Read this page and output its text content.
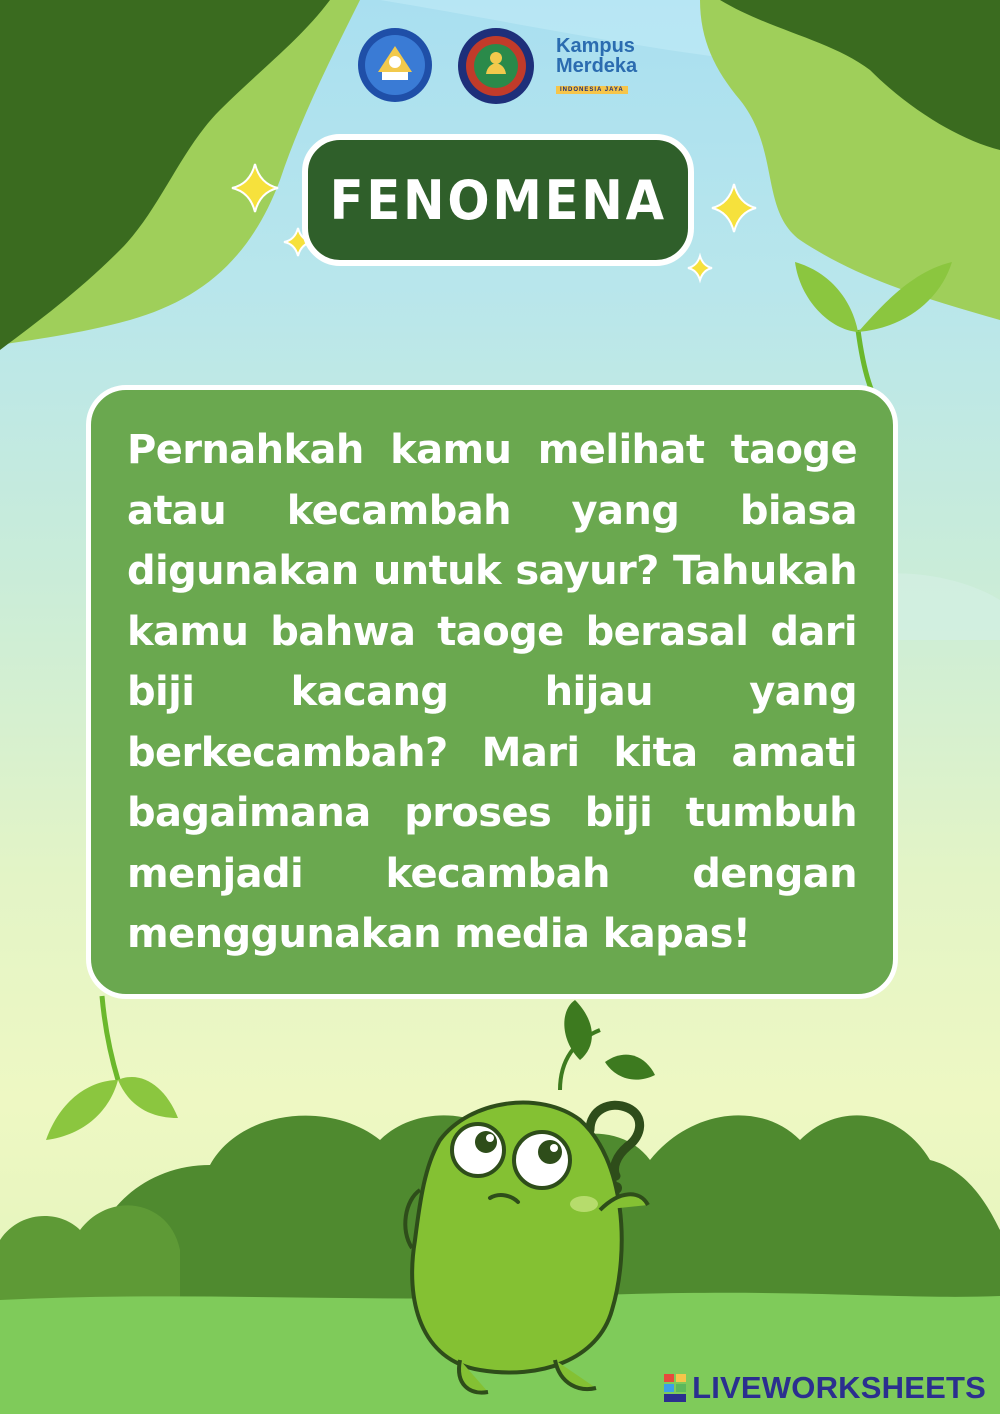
Kampus
Merdeka
INDONESIA JAYA
FENOMENA

Pernahkah kamu melihat taoge atau kecambah yang biasa digunakan untuk sayur? Tahukah kamu bahwa taoge berasal dari biji kacang hijau yang berkecambah? Mari kita amati bagaimana proses biji tumbuh menjadi kecambah dengan menggunakan media kapas!

LIVEWORKSHEETS
